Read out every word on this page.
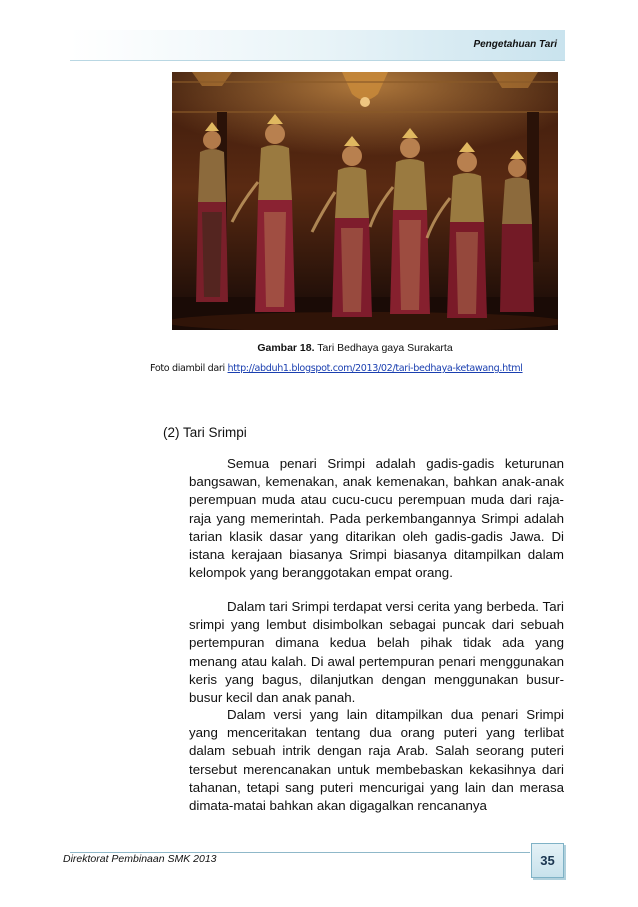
Pengetahuan Tari
Gambar 18. Tari Bedhaya gaya Surakarta
Foto diambil dari http://abduh1.blogspot.com/2013/02/tari-bedhaya-ketawang.html
(2) Tari Srimpi

Semua penari Srimpi adalah gadis-gadis keturunan bangsawan, kemenakan, anak kemenakan, bahkan anak-anak perempuan muda atau cucu-cucu perempuan muda dari raja-raja yang memerintah. Pada perkembangannya Srimpi adalah tarian klasik dasar yang ditarikan oleh gadis-gadis Jawa. Di istana kerajaan biasanya Srimpi biasanya ditampilkan dalam kelompok yang beranggotakan empat orang.

Dalam tari Srimpi terdapat versi cerita yang berbeda. Tari srimpi yang lembut disimbolkan sebagai puncak dari sebuah pertempuran dimana kedua belah pihak tidak ada yang menang atau kalah. Di awal pertempuran penari menggunakan keris yang bagus, dilanjutkan dengan menggunakan busur-busur kecil dan anak panah.

Dalam versi yang lain ditampilkan dua penari Srimpi yang menceritakan tentang dua orang puteri yang terlibat dalam sebuah intrik dengan raja Arab. Salah seorang puteri tersebut merencanakan untuk membebaskan kekasihnya dari tahanan, tetapi sang puteri mencurigai yang lain dan merasa dimata-matai bahkan akan digagalkan rencananya

Direktorat Pembinaan SMK 2013	35
